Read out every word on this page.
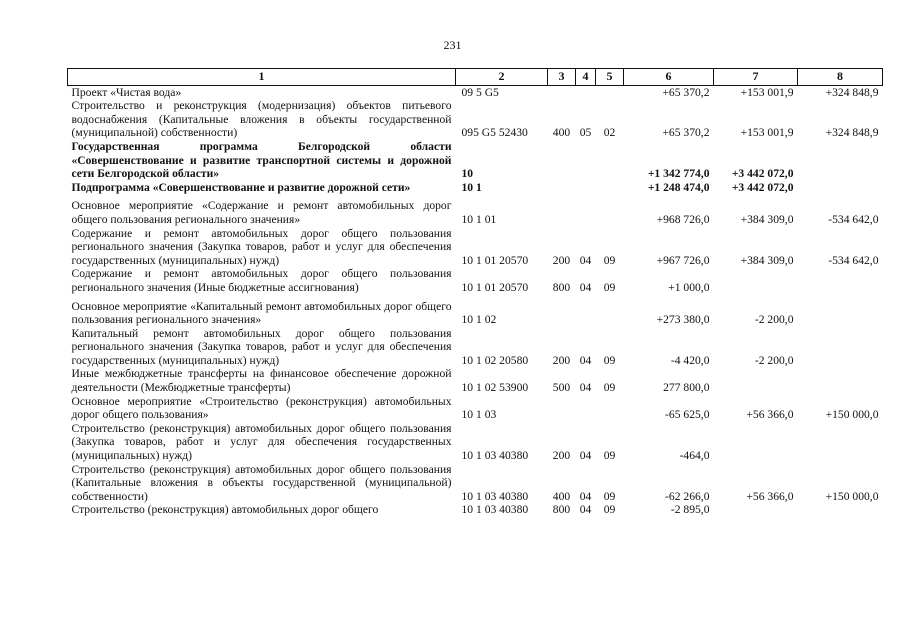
231
1	2	3	4	5	6	7	8
Проект «Чистая вода»	09 5 G5				+65 370,2	+153 001,9	+324 848,9
Строительство и реконструкция (модернизация) объектов питьевого водоснабжения (Капитальные вложения в объекты государственной (муниципальной) собственности)	095 G5 52430	400	05	02	+65 370,2	+153 001,9	+324 848,9
Государственная программа Белгородской области «Совершенствование и развитие транспортной системы и дорожной сети Белгородской области»	10				+1 342 774,0	+3 442 072,0	
Подпрограмма «Совершенствование и развитие дорожной сети»	10 1				+1 248 474,0	+3 442 072,0	
Основное мероприятие «Содержание и ремонт автомобильных дорог общего пользования регионального значения»	10 1 01				+968 726,0	+384 309,0	-534 642,0
Содержание и ремонт автомобильных дорог общего пользования регионального значения (Закупка товаров, работ и услуг для обеспечения государственных (муниципальных) нужд)	10 1 01 20570	200	04	09	+967 726,0	+384 309,0	-534 642,0
Содержание и ремонт автомобильных дорог общего пользования регионального значения (Иные бюджетные ассигнования)	10 1 01 20570	800	04	09	+1 000,0		
Основное мероприятие «Капитальный ремонт автомобильных дорог общего пользования регионального значения»	10 1 02				+273 380,0	-2 200,0	
Капитальный ремонт автомобильных дорог общего пользования регионального значения (Закупка товаров, работ и услуг для обеспечения государственных (муниципальных) нужд)	10 1 02 20580	200	04	09	-4 420,0	-2 200,0	
Иные межбюджетные трансферты на финансовое обеспечение дорожной деятельности (Межбюджетные трансферты)	10 1 02 53900	500	04	09	277 800,0		
Основное мероприятие «Строительство (реконструкция) автомобильных дорог общего пользования»	10 1 03				-65 625,0	+56 366,0	+150 000,0
Строительство (реконструкция) автомобильных дорог общего пользования (Закупка товаров, работ и услуг для обеспечения государственных (муниципальных) нужд)	10 1 03 40380	200	04	09	-464,0		
Строительство (реконструкция) автомобильных дорог общего пользования (Капитальные вложения в объекты государственной (муниципальной) собственности)	10 1 03 40380	400	04	09	-62 266,0	+56 366,0	+150 000,0
Строительство (реконструкция) автомобильных дорог общего	10 1 03 40380	800	04	09	-2 895,0		
